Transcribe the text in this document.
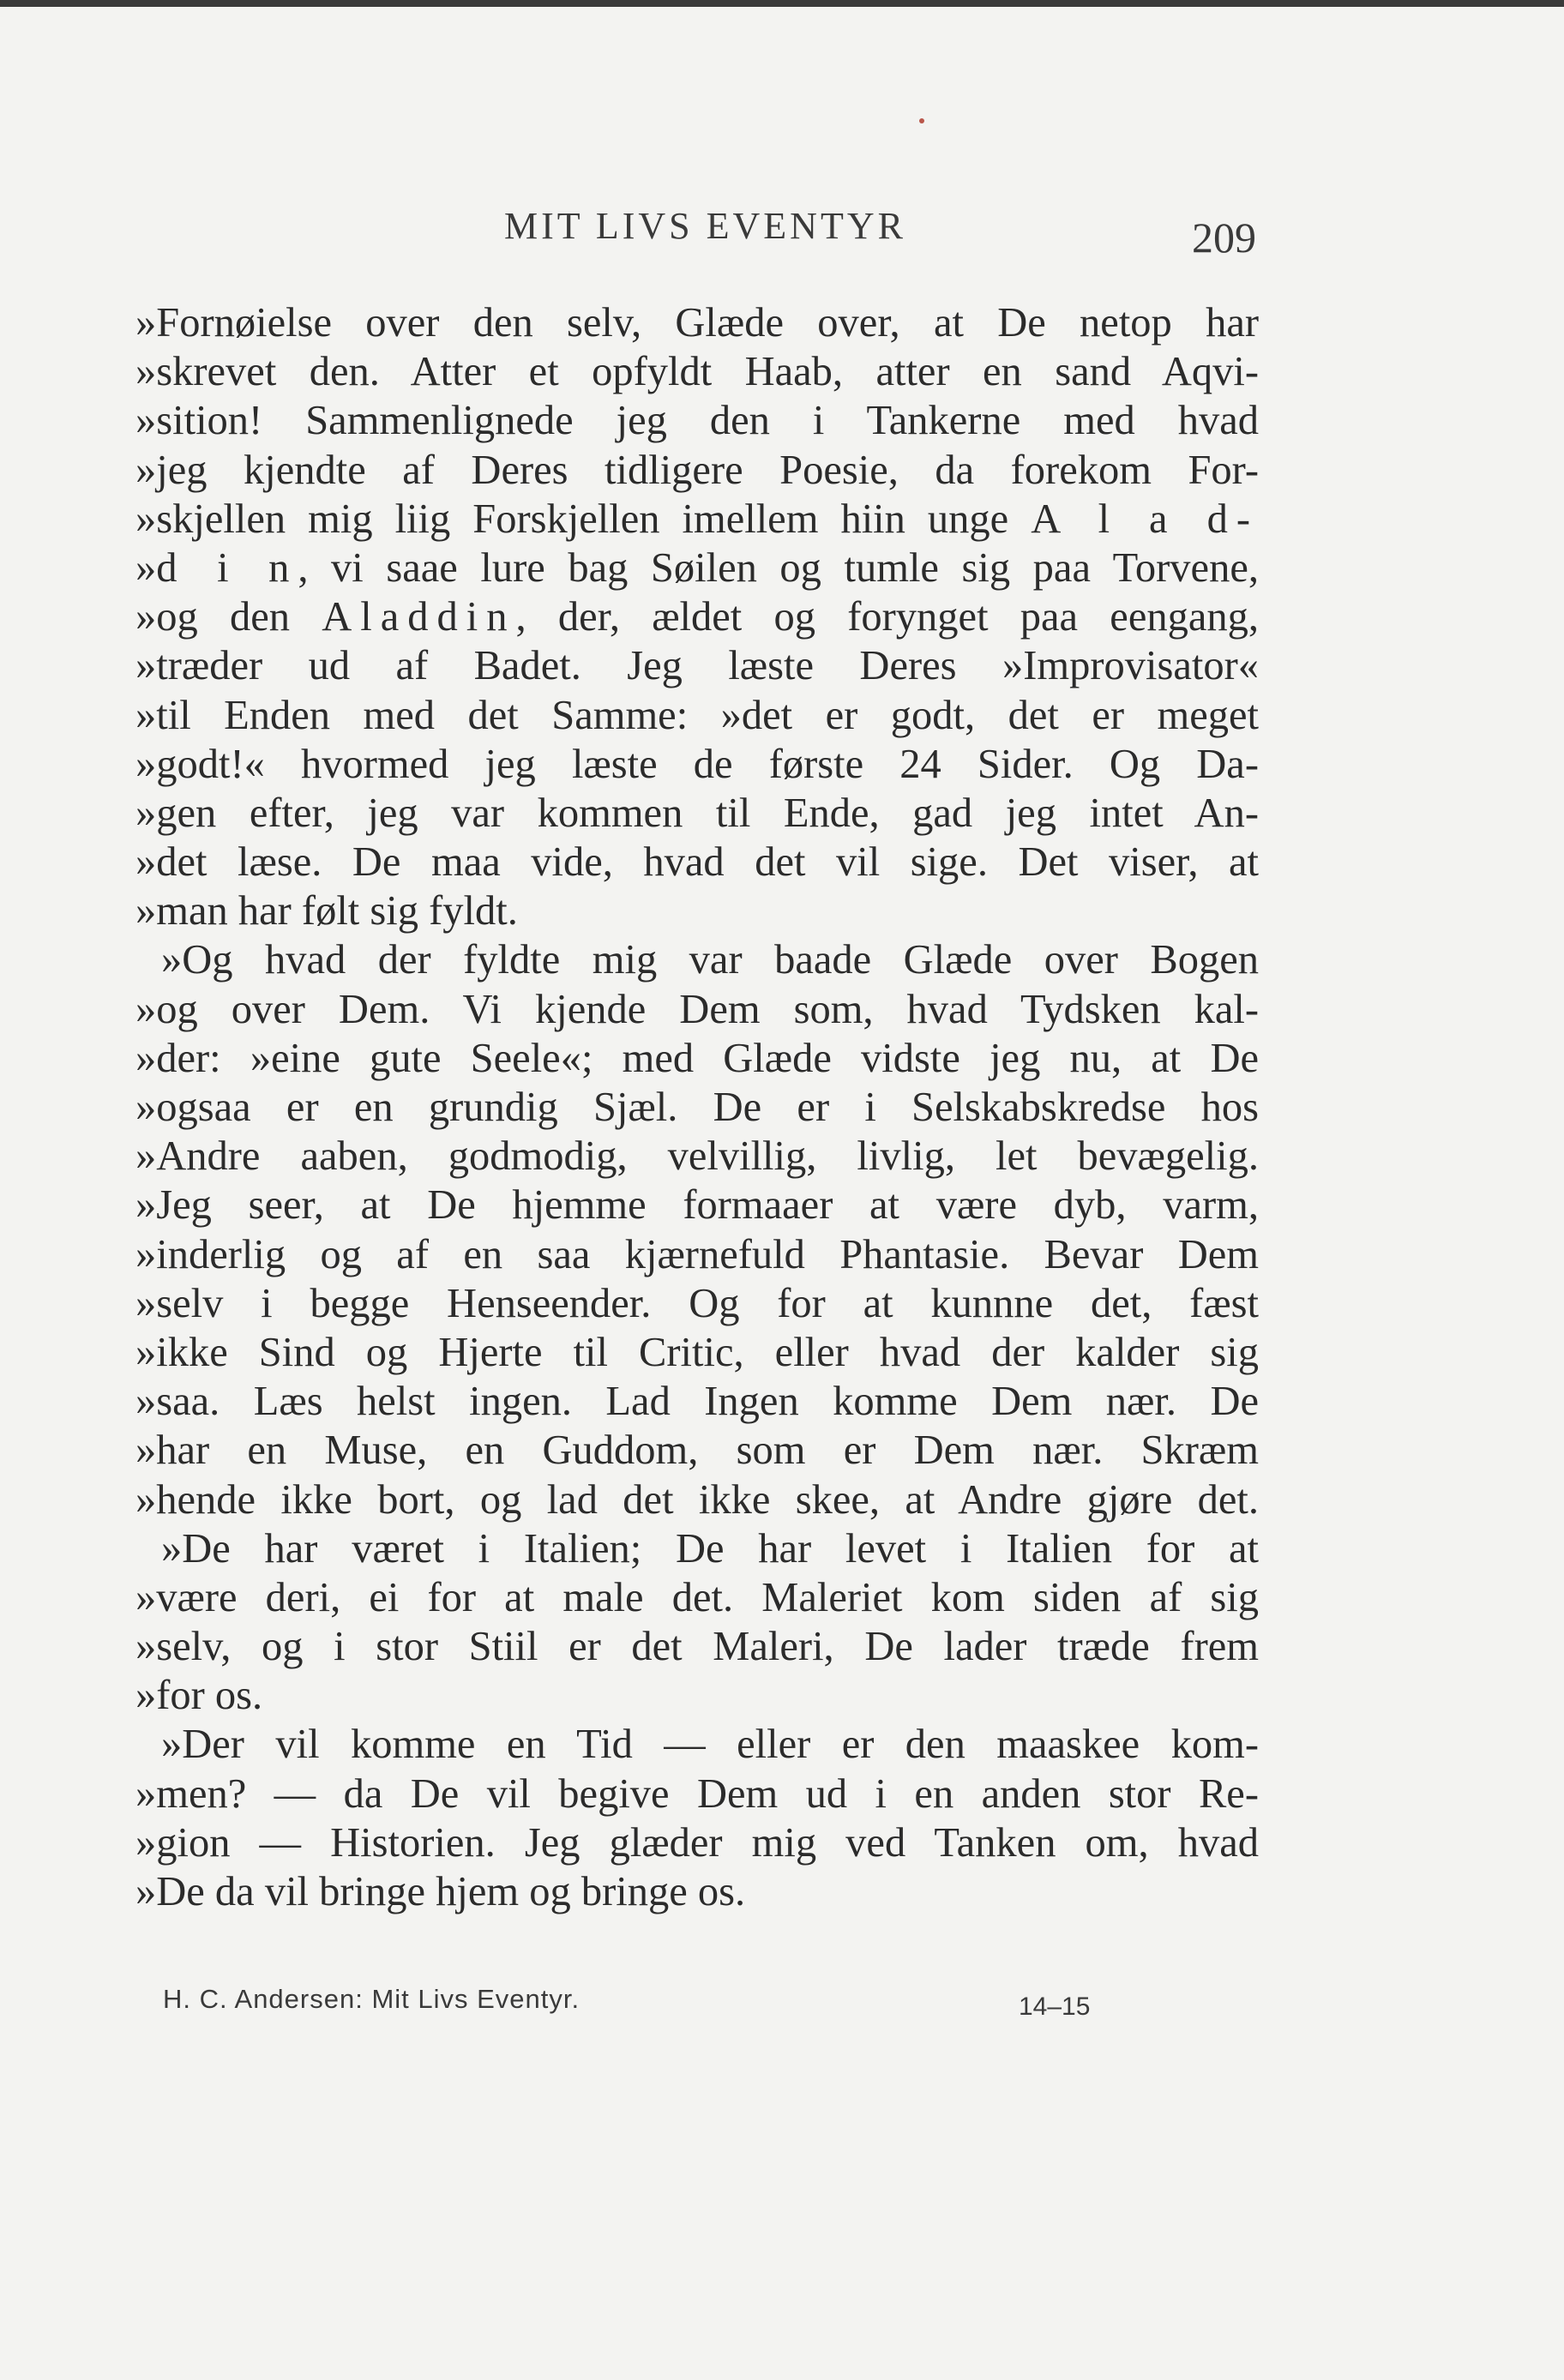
MIT LIVS EVENTYR	209
»Fornøielse over den selv, Glæde over, at De netop har
»skrevet den. Atter et opfyldt Haab, atter en sand Aqvi-
»sition! Sammenlignede jeg den i Tankerne med hvad
»jeg kjendte af Deres tidligere Poesie, da forekom For-
»skjellen mig liig Forskjellen imellem hiin unge A l a d-
»d i n, vi saae lure bag Søilen og tumle sig paa Torvene,
»og den Aladdin, der, ældet og forynget paa eengang,
»træder ud af Badet. Jeg læste Deres »Improvisator«
»til Enden med det Samme: »det er godt, det er meget
»godt!« hvormed jeg læste de første 24 Sider. Og Da-
»gen efter, jeg var kommen til Ende, gad jeg intet An-
»det læse. De maa vide, hvad det vil sige. Det viser, at
»man har følt sig fyldt.
»Og hvad der fyldte mig var baade Glæde over Bogen
»og over Dem. Vi kjende Dem som, hvad Tydsken kal-
»der: »eine gute Seele«; med Glæde vidste jeg nu, at De
»ogsaa er en grundig Sjæl. De er i Selskabskredse hos
»Andre aaben, godmodig, velvillig, livlig, let bevægelig.
»Jeg seer, at De hjemme formaaer at være dyb, varm,
»inderlig og af en saa kjærnefuld Phantasie. Bevar Dem
»selv i begge Henseender. Og for at kunnne det, fæst
»ikke Sind og Hjerte til Critic, eller hvad der kalder sig
»saa. Læs helst ingen. Lad Ingen komme Dem nær. De
»har en Muse, en Guddom, som er Dem nær. Skræm
»hende ikke bort, og lad det ikke skee, at Andre gjøre det.
»De har været i Italien; De har levet i Italien for at
»være deri, ei for at male det. Maleriet kom siden af sig
»selv, og i stor Stiil er det Maleri, De lader træde frem
»for os.
»Der vil komme en Tid — eller er den maaskee kom-
»men? — da De vil begive Dem ud i en anden stor Re-
»gion — Historien. Jeg glæder mig ved Tanken om, hvad
»De da vil bringe hjem og bringe os.
H. C. Andersen: Mit Livs Eventyr.	14–15
